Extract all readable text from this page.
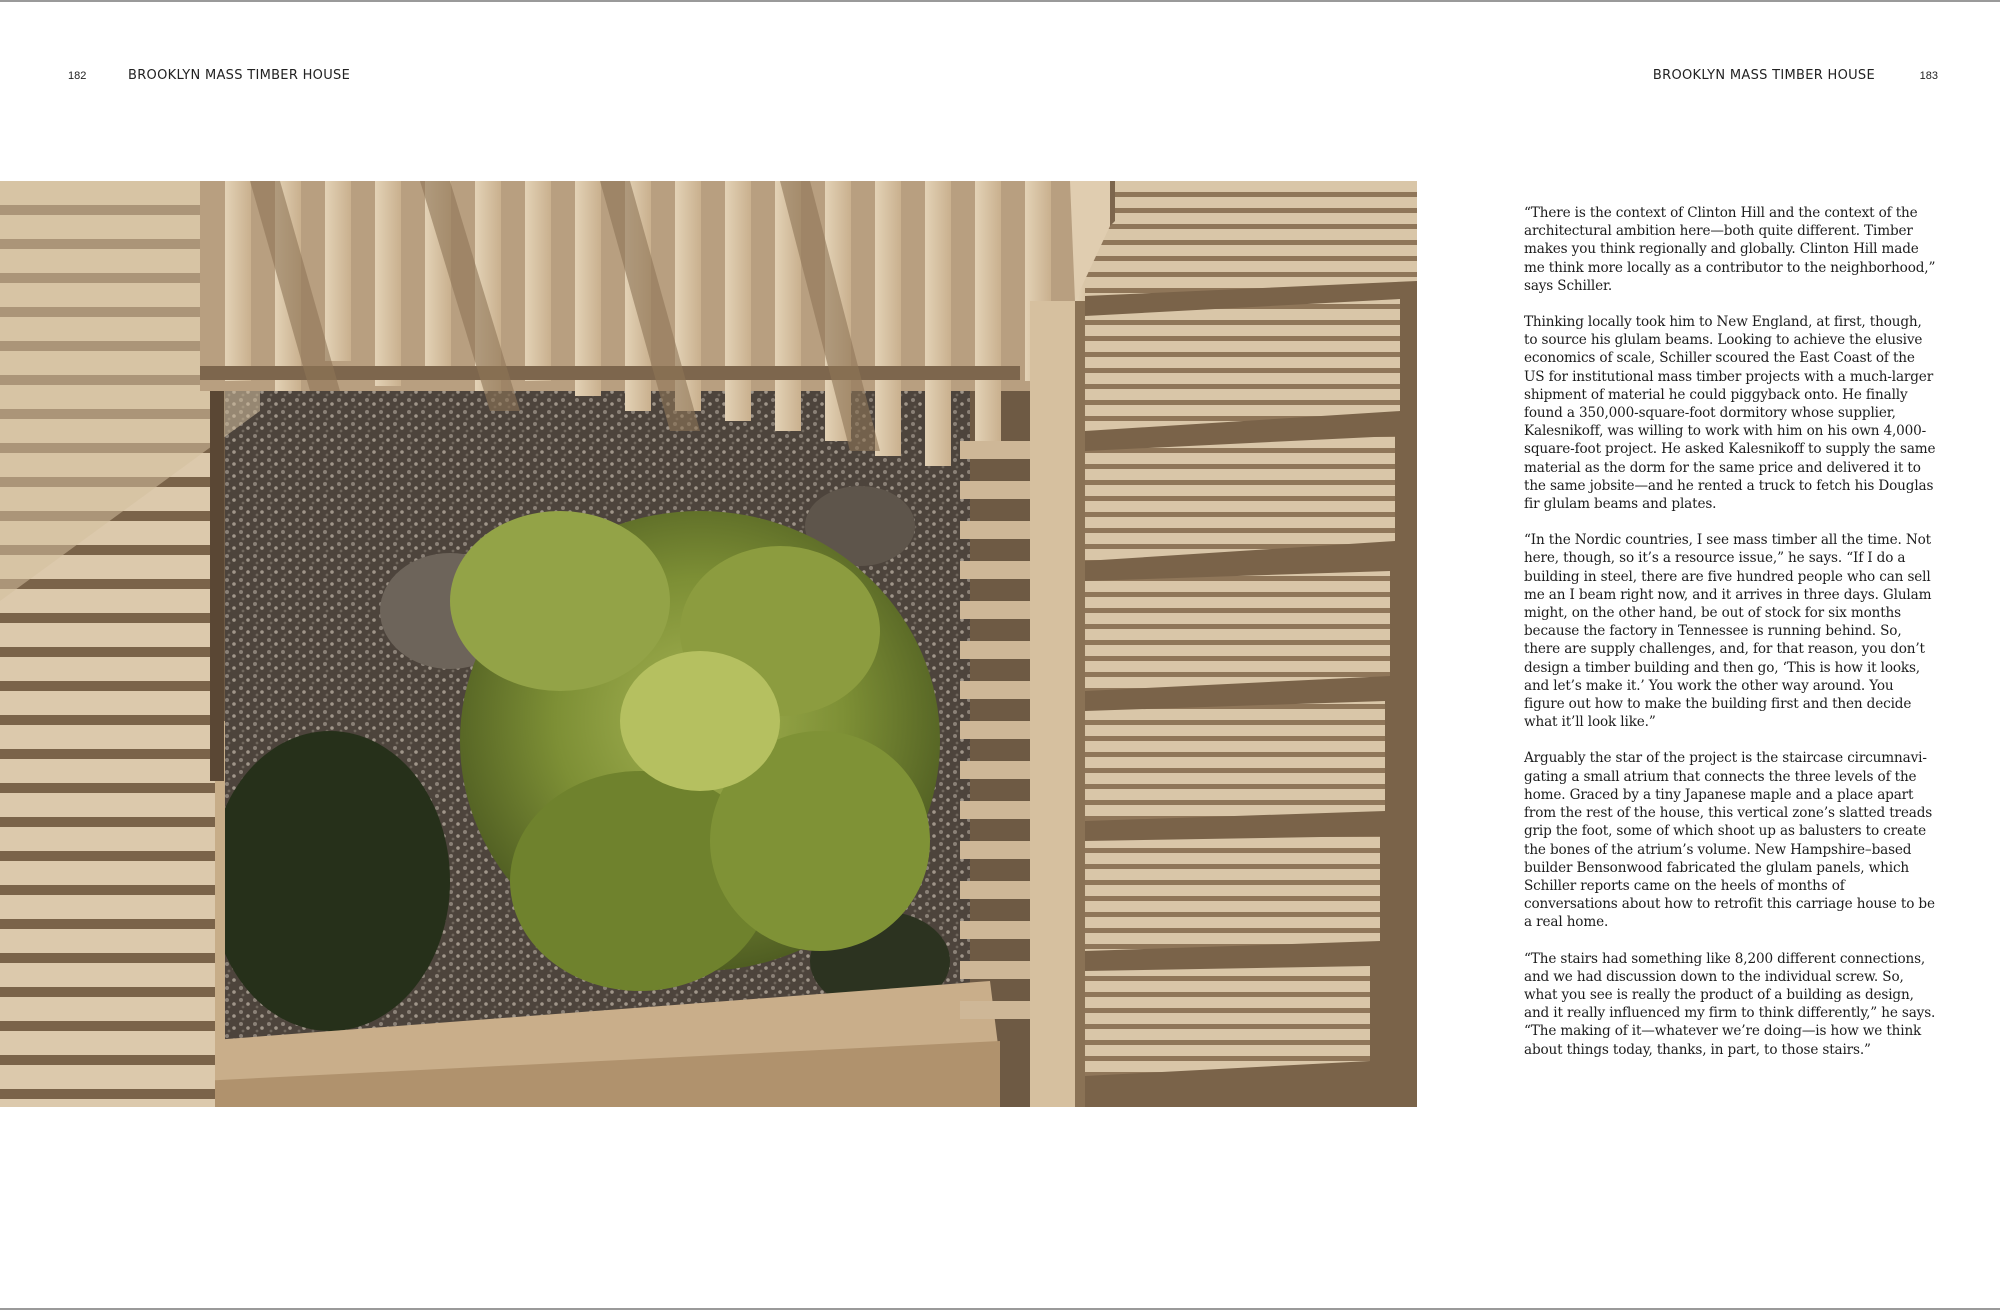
182	BROOKLYN MASS TIMBER HOUSE	BROOKLYN MASS TIMBER HOUSE	183

“There is the context of Clinton Hill and the context of the architectural ambition here—both quite different. Timber makes you think regionally and globally. Clinton Hill made me think more locally as a contributor to the neighborhood,” says Schiller.

Thinking locally took him to New England, at first, though, to source his glulam beams. Looking to achieve the elusive economics of scale, Schiller scoured the East Coast of the US for institutional mass timber projects with a much-larger shipment of material he could piggyback onto. He finally found a 350,000-square-foot dormitory whose supplier, Kalesnikoff, was willing to work with him on his own 4,000-square-foot project. He asked Kalesnikoff to supply the same material as the dorm for the same price and delivered it to the same jobsite—and he rented a truck to fetch his Douglas fir glulam beams and plates.

“In the Nordic countries, I see mass timber all the time. Not here, though, so it’s a resource issue,” he says. “If I do a building in steel, there are five hundred people who can sell me an I beam right now, and it arrives in three days. Glulam might, on the other hand, be out of stock for six months because the factory in Tennessee is running behind. So, there are supply challenges, and, for that reason, you don’t design a timber building and then go, ‘This is how it looks, and let’s make it.’ You work the other way around. You figure out how to make the building first and then decide what it’ll look like.”

Arguably the star of the project is the staircase circumnavigating a small atrium that connects the three levels of the home. Graced by a tiny Japanese maple and a place apart from the rest of the house, this vertical zone’s slatted treads grip the foot, some of which shoot up as balusters to create the bones of the atrium’s volume. New Hampshire–based builder Bensonwood fabricated the glulam panels, which Schiller reports came on the heels of months of conversations about how to retrofit this carriage house to be a real home.

“The stairs had something like 8,200 different connections, and we had discussion down to the individual screw. So, what you see is really the product of a building as design, and it really influenced my firm to think differently,” he says. “The making of it—whatever we’re doing—is how we think about things today, thanks, in part, to those stairs.”
